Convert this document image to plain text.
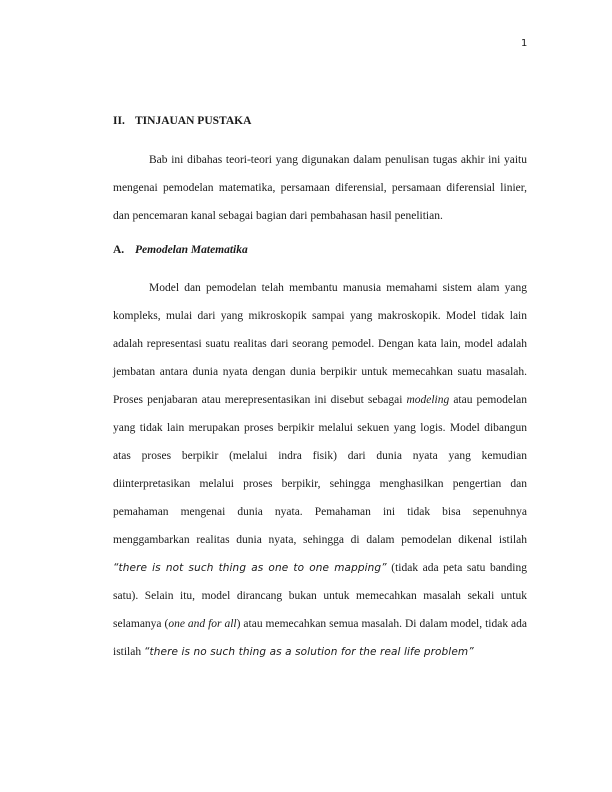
1
II. TINJAUAN PUSTAKA

Bab ini dibahas teori-teori yang digunakan dalam penulisan tugas akhir ini yaitu mengenai pemodelan matematika, persamaan diferensial, persamaan diferensial linier, dan pencemaran kanal sebagai bagian dari pembahasan hasil penelitian.

A. Pemodelan Matematika

Model dan pemodelan telah membantu manusia memahami sistem alam yang kompleks, mulai dari yang mikroskopik sampai yang makroskopik. Model tidak lain adalah representasi suatu realitas dari seorang pemodel. Dengan kata lain, model adalah jembatan antara dunia nyata dengan dunia berpikir untuk memecahkan suatu masalah. Proses penjabaran atau merepresentasikan ini disebut sebagai modeling atau pemodelan yang tidak lain merupakan proses berpikir melalui sekuen yang logis. Model dibangun atas proses berpikir (melalui indra fisik) dari dunia nyata yang kemudian diinterpretasikan melalui proses berpikir, sehingga menghasilkan pengertian dan pemahaman mengenai dunia nyata. Pemahaman ini tidak bisa sepenuhnya menggambarkan realitas dunia nyata, sehingga di dalam pemodelan dikenal istilah “there is not such thing as one to one mapping” (tidak ada peta satu banding satu). Selain itu, model dirancang bukan untuk memecahkan masalah sekali untuk selamanya (one and for all) atau memecahkan semua masalah. Di dalam model, tidak ada istilah “there is no such thing as a solution for the real life problem”
